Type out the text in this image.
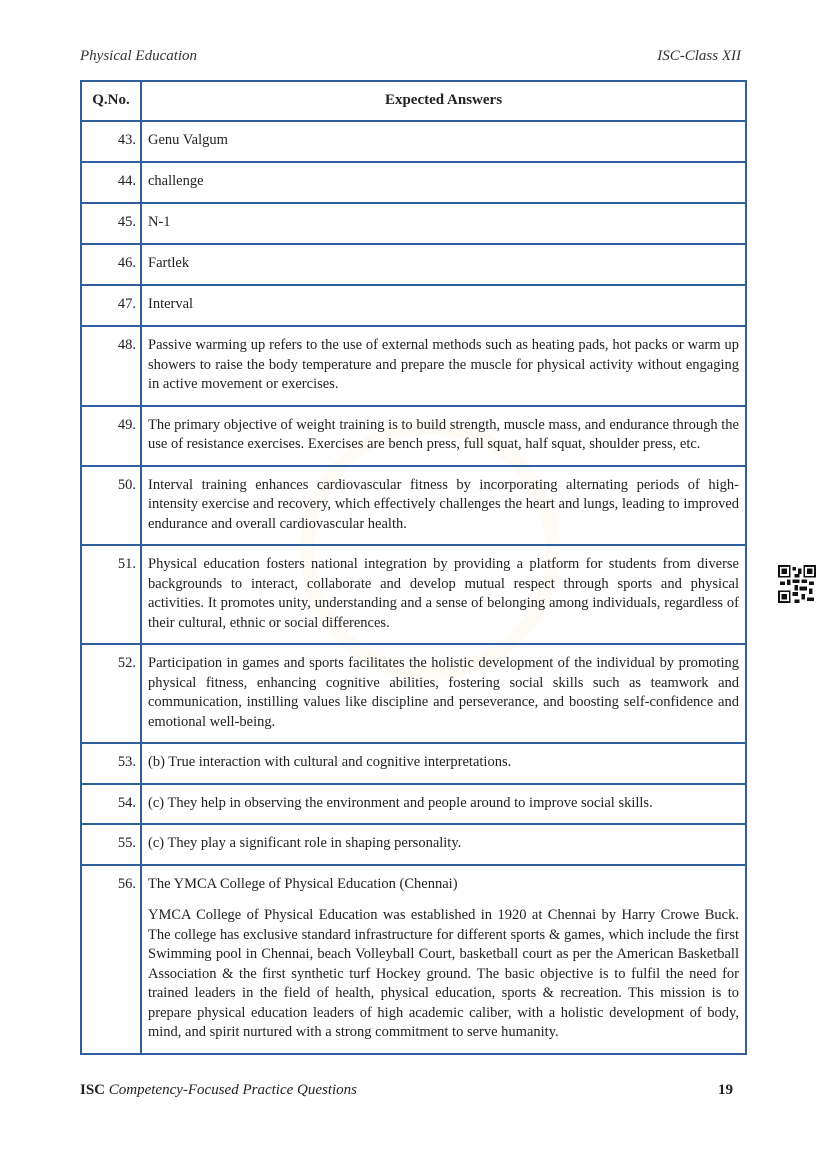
Physical Education	ISC-Class XII
Q.No.	Expected Answers
43.	Genu Valgum

44.	challenge

45.	N-1

46.	Fartlek

47.	Interval

48.	Passive warming up refers to the use of external methods such as heating pads, hot packs or warm up showers to raise the body temperature and prepare the muscle for physical activity without engaging in active movement or exercises.

49.	The primary objective of weight training is to build strength, muscle mass, and endurance through the use of resistance exercises. Exercises are bench press, full squat, half squat, shoulder press, etc.

50.	Interval training enhances cardiovascular fitness by incorporating alternating periods of high-intensity exercise and recovery, which effectively challenges the heart and lungs, leading to improved endurance and overall cardiovascular health.

51.	Physical education fosters national integration by providing a platform for students from diverse backgrounds to interact, collaborate and develop mutual respect through sports and physical activities. It promotes unity, understanding and a sense of belonging among individuals, regardless of their cultural, ethnic or social differences.

52.	Participation in games and sports facilitates the holistic development of the individual by promoting physical fitness, enhancing cognitive abilities, fostering social skills such as teamwork and communication, instilling values like discipline and perseverance, and boosting self-confidence and emotional well-being.

53.	(b) True interaction with cultural and cognitive interpretations.

54.	(c) They help in observing the environment and people around to improve social skills.

55.	(c) They play a significant role in shaping personality.

56.	The YMCA College of Physical Education (Chennai)

YMCA College of Physical Education was established in 1920 at Chennai by Harry Crowe Buck. The college has exclusive standard infrastructure for different sports & games, which include the first Swimming pool in Chennai, beach Volleyball Court, basketball court as per the American Basketball Association & the first synthetic turf Hockey ground. The basic objective is to fulfil the need for trained leaders in the field of health, physical education, sports & recreation. This mission is to prepare physical education leaders of high academic caliber, with a holistic development of body, mind, and spirit nurtured with a strong commitment to serve humanity.

ISC Competency-Focused Practice Questions	19
